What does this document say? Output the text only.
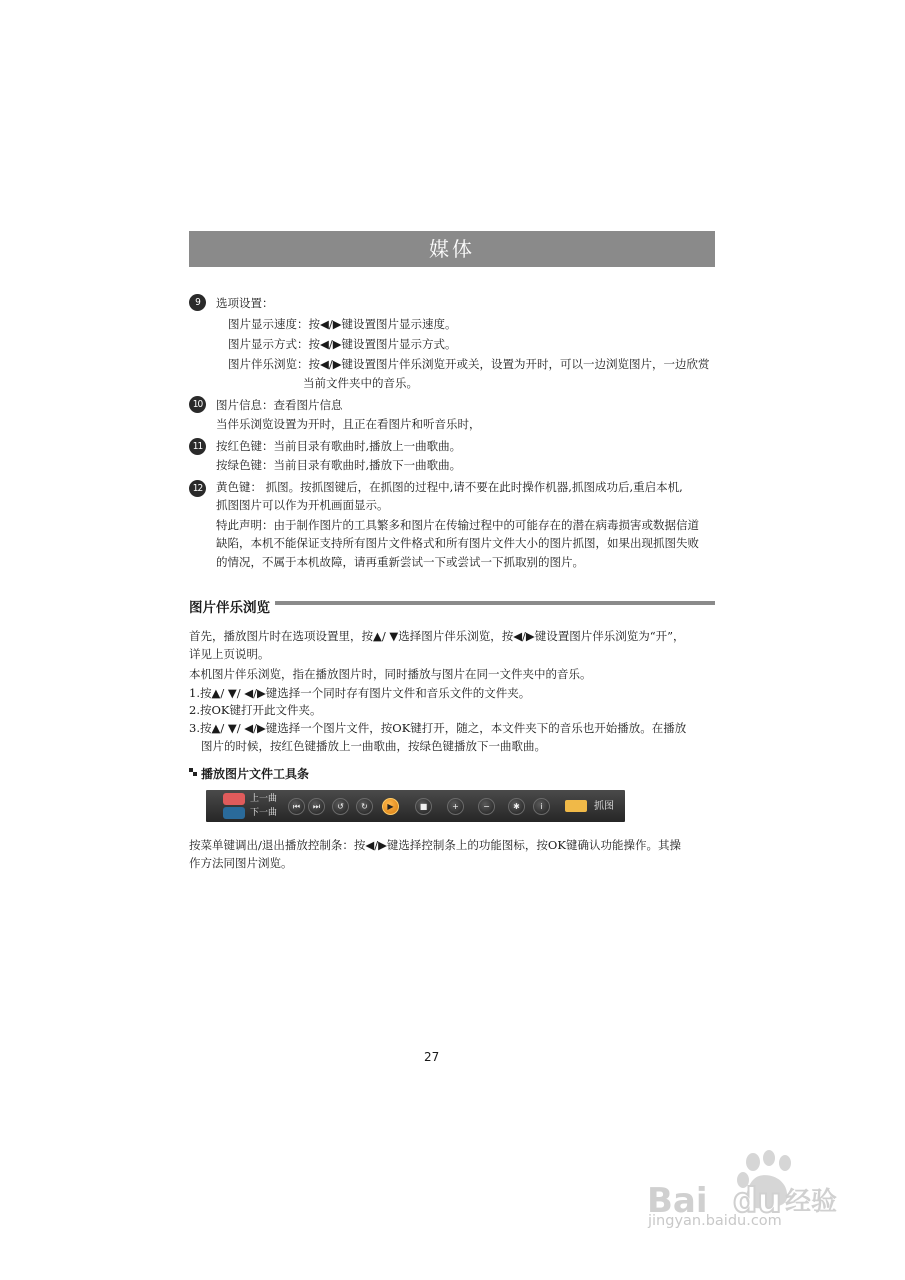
媒体
9	选项设置：
图片显示速度：按◀/▶键设置图片显示速度。
图片显示方式：按◀/▶键设置图片显示方式。
图片伴乐浏览：按◀/▶键设置图片伴乐浏览开或关，设置为开时，可以一边浏览图片，一边欣赏
当前文件夹中的音乐。
10	图片信息：查看图片信息
当伴乐浏览设置为开时，且正在看图片和听音乐时，
11	按红色键：当前目录有歌曲时,播放上一曲歌曲。
按绿色键：当前目录有歌曲时,播放下一曲歌曲。
12	黄色键： 抓图。按抓图键后，在抓图的过程中,请不要在此时操作机器,抓图成功后,重启本机,
抓图图片可以作为开机画面显示。
特此声明：由于制作图片的工具繁多和图片在传输过程中的可能存在的潜在病毒损害或数据信道
缺陷，本机不能保证支持所有图片文件格式和所有图片文件大小的图片抓图，如果出现抓图失败
的情况，不属于本机故障，请再重新尝试一下或尝试一下抓取别的图片。
图片伴乐浏览
首先，播放图片时在选项设置里，按▲/ ▼选择图片伴乐浏览，按◀/▶键设置图片伴乐浏览为“开”，
详见上页说明。
本机图片伴乐浏览，指在播放图片时，同时播放与图片在同一文件夹中的音乐。
1.按▲/ ▼/ ◀/▶键选择一个同时存有图片文件和音乐文件的文件夹。
2.按OK键打开此文件夹。
3.按▲/ ▼/ ◀/▶键选择一个图片文件，按OK键打开，随之，本文件夹下的音乐也开始播放。在播放
图片的时候，按红色键播放上一曲歌曲，按绿色键播放下一曲歌曲。
播放图片文件工具条
上一曲
下一曲
⏮	⏭	↺	↻	▶	■	+	−	✱	i	抓图
按菜单键调出/退出播放控制条：按◀/▶键选择控制条上的功能图标，按OK键确认功能操作。其操
作方法同图片浏览。
27
Bai du 经验
jingyan.baidu.com
